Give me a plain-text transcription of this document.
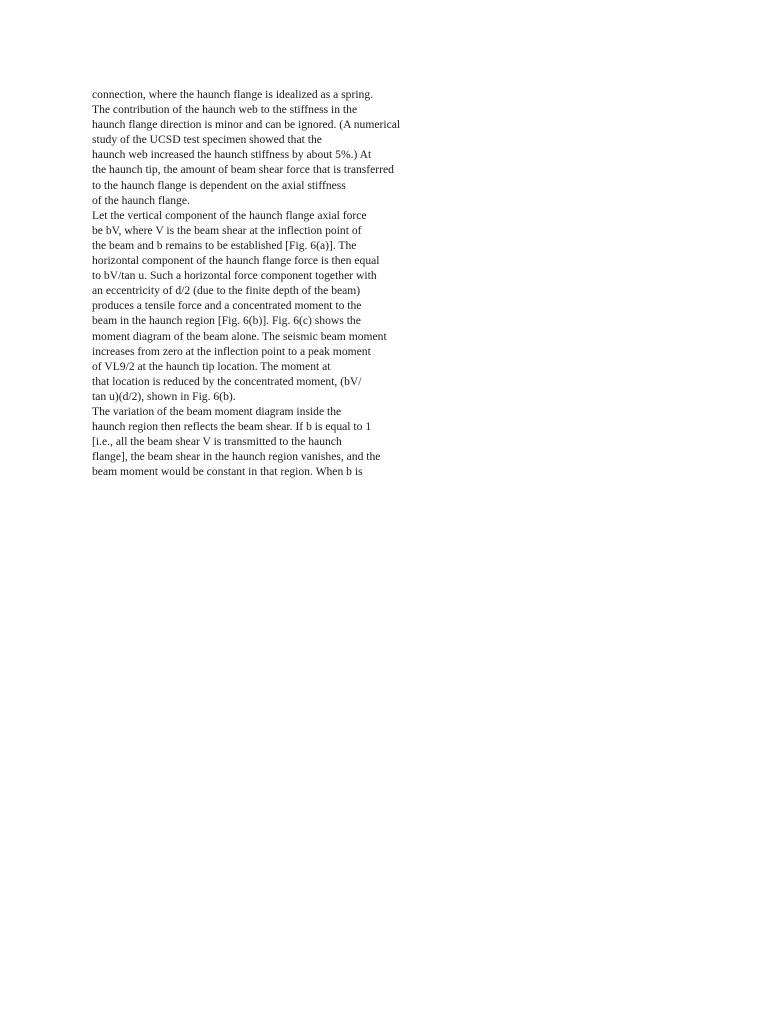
connection, where the haunch flange is idealized as a spring.
The contribution of the haunch web to the stiffness in the
haunch flange direction is minor and can be ignored. (A numerical
study of the UCSD test specimen showed that the
haunch web increased the haunch stiffness by about 5%.) At
the haunch tip, the amount of beam shear force that is transferred
to the haunch flange is dependent on the axial stiffness
of the haunch flange.
Let the vertical component of the haunch flange axial force
be bV, where V is the beam shear at the inflection point of
the beam and b remains to be established [Fig. 6(a)]. The
horizontal component of the haunch flange force is then equal
to bV/tan u. Such a horizontal force component together with
an eccentricity of d/2 (due to the finite depth of the beam)
produces a tensile force and a concentrated moment to the
beam in the haunch region [Fig. 6(b)]. Fig. 6(c) shows the
moment diagram of the beam alone. The seismic beam moment
increases from zero at the inflection point to a peak moment
of VL9/2 at the haunch tip location. The moment at
that location is reduced by the concentrated moment, (bV/
tan u)(d/2), shown in Fig. 6(b).
The variation of the beam moment diagram inside the
haunch region then reflects the beam shear. If b is equal to 1
[i.e., all the beam shear V is transmitted to the haunch
flange], the beam shear in the haunch region vanishes, and the
beam moment would be constant in that region. When b is
